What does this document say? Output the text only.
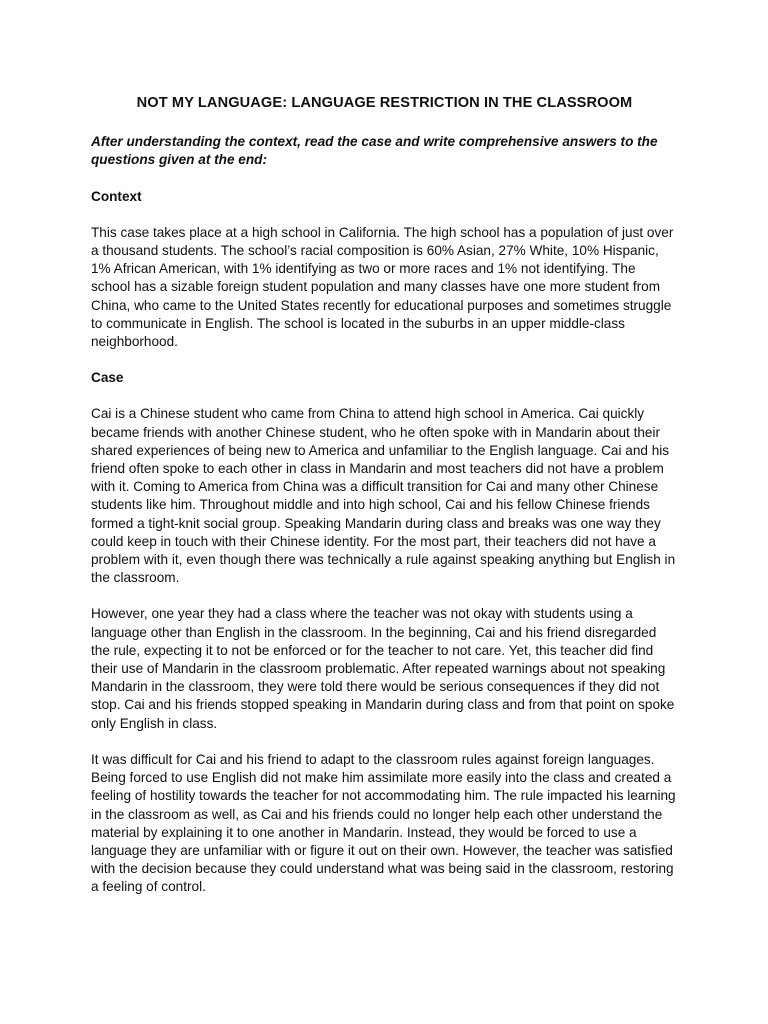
NOT MY LANGUAGE: LANGUAGE RESTRICTION IN THE CLASSROOM

After understanding the context, read the case and write comprehensive answers to the questions given at the end:

Context

This case takes place at a high school in California. The high school has a population of just over a thousand students. The school’s racial composition is 60% Asian, 27% White, 10% Hispanic, 1% African American, with 1% identifying as two or more races and 1% not identifying. The school has a sizable foreign student population and many classes have one more student from China, who came to the United States recently for educational purposes and sometimes struggle to communicate in English. The school is located in the suburbs in an upper middle-class neighborhood.

Case

Cai is a Chinese student who came from China to attend high school in America. Cai quickly became friends with another Chinese student, who he often spoke with in Mandarin about their shared experiences of being new to America and unfamiliar to the English language. Cai and his friend often spoke to each other in class in Mandarin and most teachers did not have a problem with it. Coming to America from China was a difficult transition for Cai and many other Chinese students like him. Throughout middle and into high school, Cai and his fellow Chinese friends formed a tight-knit social group. Speaking Mandarin during class and breaks was one way they could keep in touch with their Chinese identity. For the most part, their teachers did not have a problem with it, even though there was technically a rule against speaking anything but English in the classroom.

However, one year they had a class where the teacher was not okay with students using a language other than English in the classroom. In the beginning, Cai and his friend disregarded the rule, expecting it to not be enforced or for the teacher to not care. Yet, this teacher did find their use of Mandarin in the classroom problematic. After repeated warnings about not speaking Mandarin in the classroom, they were told there would be serious consequences if they did not stop. Cai and his friends stopped speaking in Mandarin during class and from that point on spoke only English in class.

It was difficult for Cai and his friend to adapt to the classroom rules against foreign languages. Being forced to use English did not make him assimilate more easily into the class and created a feeling of hostility towards the teacher for not accommodating him. The rule impacted his learning in the classroom as well, as Cai and his friends could no longer help each other understand the material by explaining it to one another in Mandarin. Instead, they would be forced to use a language they are unfamiliar with or figure it out on their own. However, the teacher was satisfied with the decision because they could understand what was being said in the classroom, restoring a feeling of control.
